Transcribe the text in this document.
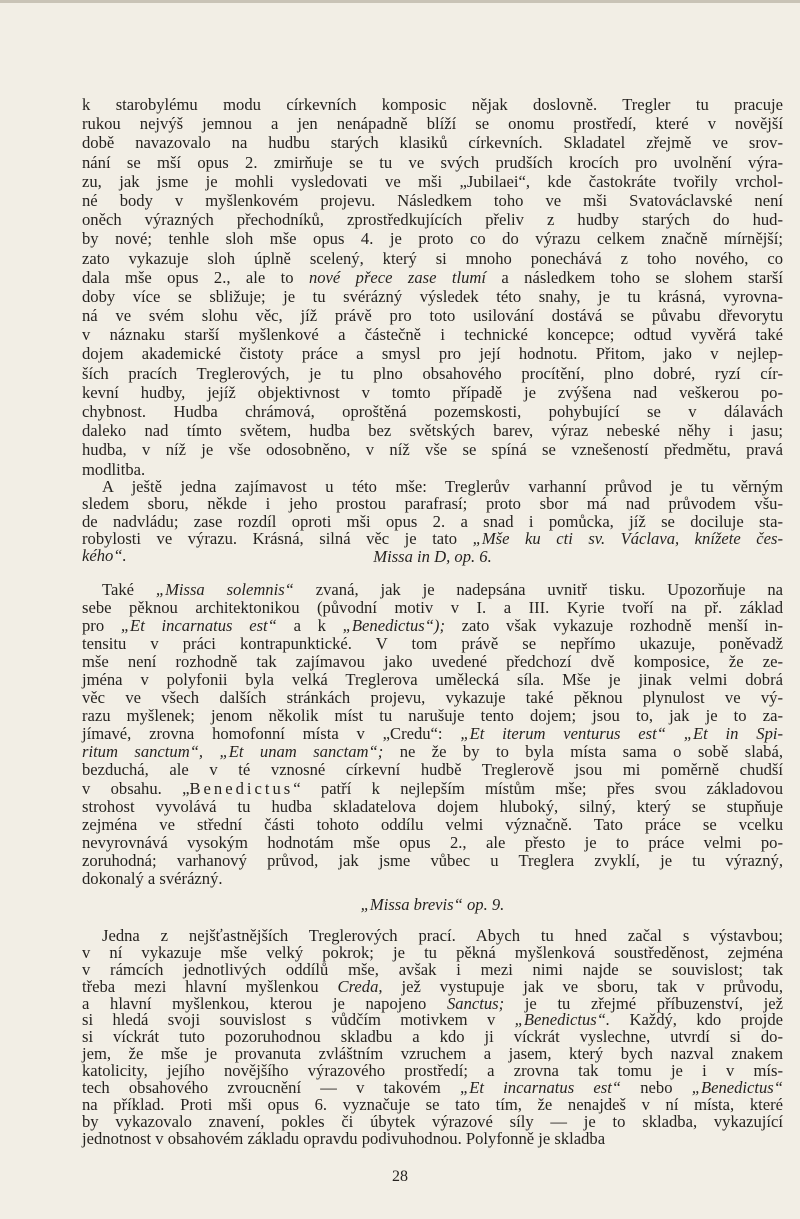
k starobylému modu církevních komposic nějak doslovně. Tregler tu pracuje
rukou nejvýš jemnou a jen nenápadně blíží se onomu prostředí, které v novější
době navazovalo na hudbu starých klasiků církevních. Skladatel zřejmě ve srov-
nání se mší opus 2. zmirňuje se tu ve svých prudších krocích pro uvolnění výra-
zu, jak jsme je mohli vysledovati ve mši „Jubilaei“, kde častokráte tvořily vrchol-
né body v myšlenkovém projevu. Následkem toho ve mši Svatováclavské není
oněch výrazných přechodníků, zprostředkujících přeliv z hudby starých do hud-
by nové; tenhle sloh mše opus 4. je proto co do výrazu celkem značně mírnější;
zato vykazuje sloh úplně scelený, který si mnoho ponechává z toho nového, co
dala mše opus 2., ale to nové přece zase tlumí a následkem toho se slohem starší
doby více se sbližuje; je tu svérázný výsledek této snahy, je tu krásná, vyrovna-
ná ve svém slohu věc, jíž právě pro toto usilování dostává se půvabu dřevorytu
v náznaku starší myšlenkové a částečně i technické koncepce; odtud vyvěrá také
dojem akademické čistoty práce a smysl pro její hodnotu. Přitom, jako v nejlep-
ších pracích Treglerových, je tu plno obsahového procítění, plno dobré, ryzí cír-
kevní hudby, jejíž objektivnost v tomto případě je zvýšena nad veškerou po-
chybnost. Hudba chrámová, oproštěná pozemskosti, pohybující se v dálavách
daleko nad tímto světem, hudba bez světských barev, výraz nebeské něhy i jasu;
hudba, v níž je vše odosobněno, v níž vše se spíná se vznešeností předmětu, pravá
modlitba.
A ještě jedna zajímavost u této mše: Treglerův varhanní průvod je tu věrným
sledem sboru, někde i jeho prostou parafrasí; proto sbor má nad průvodem všu-
de nadvládu; zase rozdíl oproti mši opus 2. a snad i pomůcka, jíž se dociluje sta-
robylosti ve výrazu. Krásná, silná věc je tato „Mše ku cti sv. Václava, knížete čes-
kého“.	Missa in D, op. 6.
Také „Missa solemnis“ zvaná, jak je nadepsána uvnitř tisku. Upozorňuje na
sebe pěknou architektonikou (původní motiv v I. a III. Kyrie tvoří na př. základ
pro „Et incarnatus est“ a k „Benedictus“); zato však vykazuje rozhodně menší in-
tensitu v práci kontrapunktické. V tom právě se nepřímo ukazuje, poněvadž
mše není rozhodně tak zajímavou jako uvedené předchozí dvě komposice, že ze-
jména v polyfonii byla velká Treglerova umělecká síla. Mše je jinak velmi dobrá
věc ve všech dalších stránkách projevu, vykazuje také pěknou plynulost ve vý-
razu myšlenek; jenom několik míst tu narušuje tento dojem; jsou to, jak je to za-
jímavé, zrovna homofonní místa v „Credu“: „Et iterum venturus est“ „Et in Spi-
ritum sanctum“, „Et unam sanctam“; ne že by to byla místa sama o sobě slabá,
bezduchá, ale v té vznosné církevní hudbě Treglerově jsou mi poměrně chudší
v obsahu. „Benedictus“ patří k nejlepším místům mše; přes svou základovou
strohost vyvolává tu hudba skladatelova dojem hluboký, silný, který se stupňuje
zejména ve střední části tohoto oddílu velmi význačně. Tato práce se vcelku
nevyrovnává vysokým hodnotám mše opus 2., ale přesto je to práce velmi po-
zoruhodná; varhanový průvod, jak jsme vůbec u Treglera zvyklí, je tu výrazný,
dokonalý a svérázný.
„Missa brevis“ op. 9.
Jedna z nejšťastnějších Treglerových prací. Abych tu hned začal s výstavbou;
v ní vykazuje mše velký pokrok; je tu pěkná myšlenková soustředěnost, zejména
v rámcích jednotlivých oddílů mše, avšak i mezi nimi najde se souvislost; tak
třeba mezi hlavní myšlenkou Creda, jež vystupuje jak ve sboru, tak v průvodu,
a hlavní myšlenkou, kterou je napojeno Sanctus; je tu zřejmé příbuzenství, jež
si hledá svoji souvislost s vůdčím motivkem v „Benedictus“. Každý, kdo projde
si víckrát tuto pozoruhodnou skladbu a kdo ji víckrát vyslechne, utvrdí si do-
jem, že mše je provanuta zvláštním vzruchem a jasem, který bych nazval znakem
katolicity, jejího novějšího výrazového prostředí; a zrovna tak tomu je i v mís-
tech obsahového zvroucnění — v takovém „Et incarnatus est“ nebo „Benedictus“
na příklad. Proti mši opus 6. vyznačuje se tato tím, že nenajdeš v ní místa, které
by vykazovalo znavení, pokles či úbytek výrazové síly — je to skladba, vykazující
jednotnost v obsahovém základu opravdu podivuhodnou. Polyfonně je skladba
28
